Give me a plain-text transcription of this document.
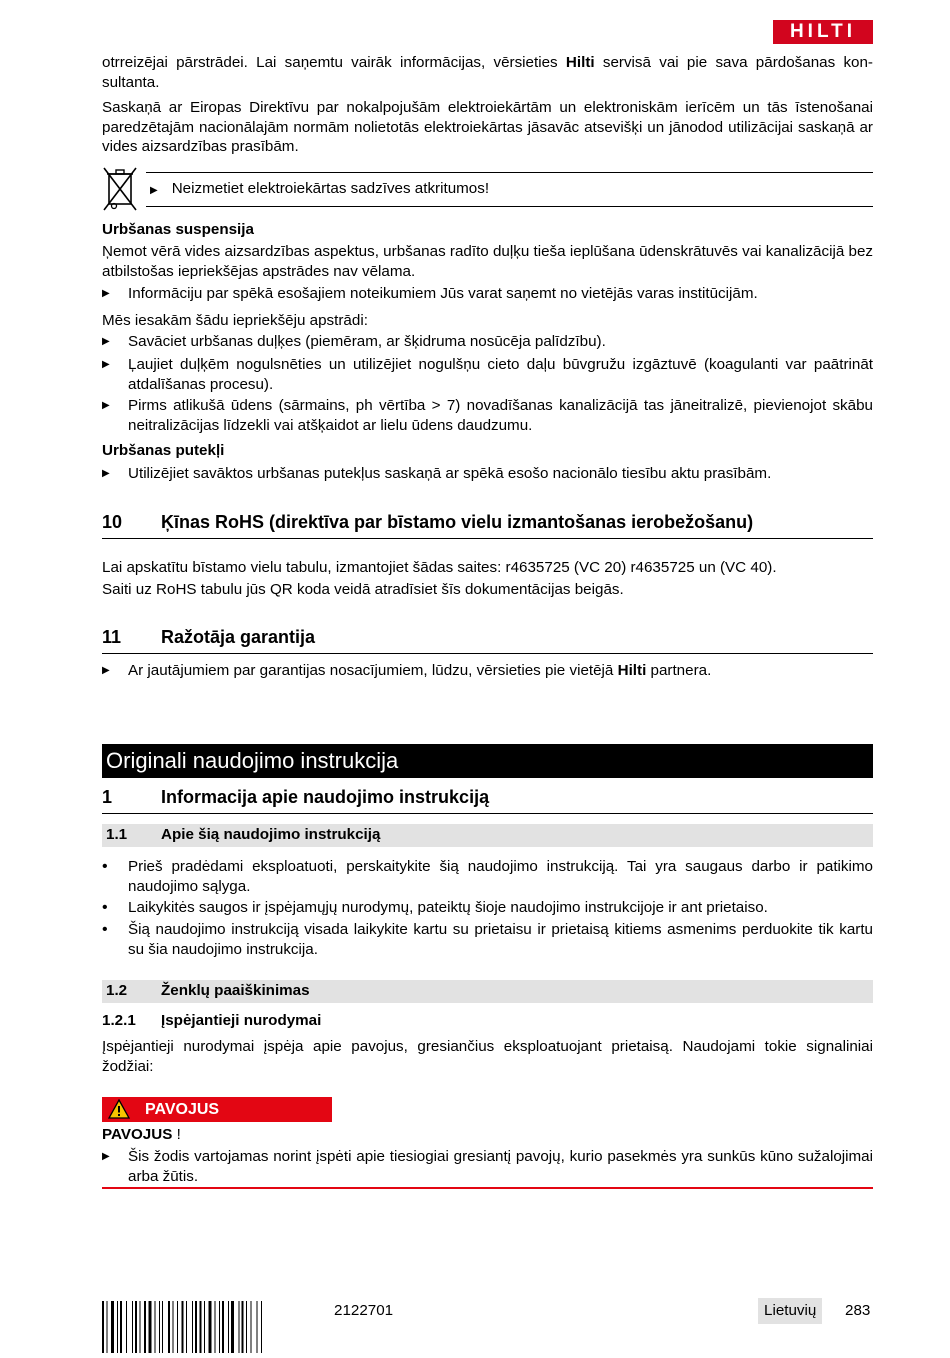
HILTI

otrreizējai pārstrādei. Lai saņemtu vairāk informācijas, vērsieties Hilti servisā vai pie sava pārdošanas kon-sultanta.

Saskaņā ar Eiropas Direktīvu par nokalpojušām elektroiekārtām un elektroniskām ierīcēm un tās īstenošanai paredzētajām nacionālajām normām nolietotās elektroiekārtas jāsavāc atsevišķi un jānodod utilizācijai saskaņā ar vides aizsardzības prasībām.

▶ Neizmetiet elektroiekārtas sadzīves atkritumos!
Urbšanas suspensija

Ņemot vērā vides aizsardzības aspektus, urbšanas radīto duļķu tieša ieplūšana ūdenskrātuvēs vai kanalizācijā bez atbilstošas iepriekšējas apstrādes nav vēlama.

▶	Informāciju par spēkā esošajiem noteikumiem Jūs varat saņemt no vietējās varas institūcijām.

Mēs iesakām šādu iepriekšēju apstrādi:

▶	Savāciet urbšanas duļķes (piemēram, ar šķidruma nosūcēja palīdzību).
▶	Ļaujiet duļķēm nogulsnēties un utilizējiet nogulšņu cieto daļu būvgružu izgāztuvē (koagulanti var paātrināt atdalīšanas procesu).
▶	Pirms atlikušā ūdens (sārmains, ph vērtība > 7) novadīšanas kanalizācijā tas jāneitralizē, pievienojot skābu neitralizācijas līdzekli vai atšķaidot ar lielu ūdens daudzumu.
Urbšanas putekļi
▶	Utilizējiet savāktos urbšanas putekļus saskaņā ar spēkā esošo nacionālo tiesību aktu prasībām.
10 Ķīnas RoHS (direktīva par bīstamo vielu izmantošanas ierobežošanu)

Lai apskatītu bīstamo vielu tabulu, izmantojiet šādas saites: r4635725 (VC 20) r4635725 un (VC 40).

Saiti uz RoHS tabulu jūs QR koda veidā atradīsiet šīs dokumentācijas beigās.

11 Ražotāja garantija
▶	Ar jautājumiem par garantijas nosacījumiem, lūdzu, vērsieties pie vietējā Hilti partnera.
Originali naudojimo instrukcija
1	Informacija apie naudojimo instrukciją
1.1 Apie šią naudojimo instrukciją
•	Prieš pradėdami eksploatuoti, perskaitykite šią naudojimo instrukciją. Tai yra saugaus darbo ir patikimo naudojimo sąlyga.
•	Laikykitės saugos ir įspėjamųjų nurodymų, pateiktų šioje naudojimo instrukcijoje ir ant prietaiso.
•	Šią naudojimo instrukciją visada laikykite kartu su prietaisu ir prietaisą kitiems asmenims perduokite tik kartu su šia naudojimo instrukcija.
1.2 Ženklų paaiškinimas
1.2.1 Įspėjantieji nurodymai

Įspėjantieji nurodymai įspėja apie pavojus, gresiančius eksploatuojant prietaisą. Naudojami tokie signaliniai žodžiai:

PAVOJUS
PAVOJUS !
▶	Šis žodis vartojamas norint įspėti apie tiesiogiai gresiantį pavojų, kurio pasekmės yra sunkūs kūno sužalojimai arba žūtis.
2122701	Lietuvių	283
